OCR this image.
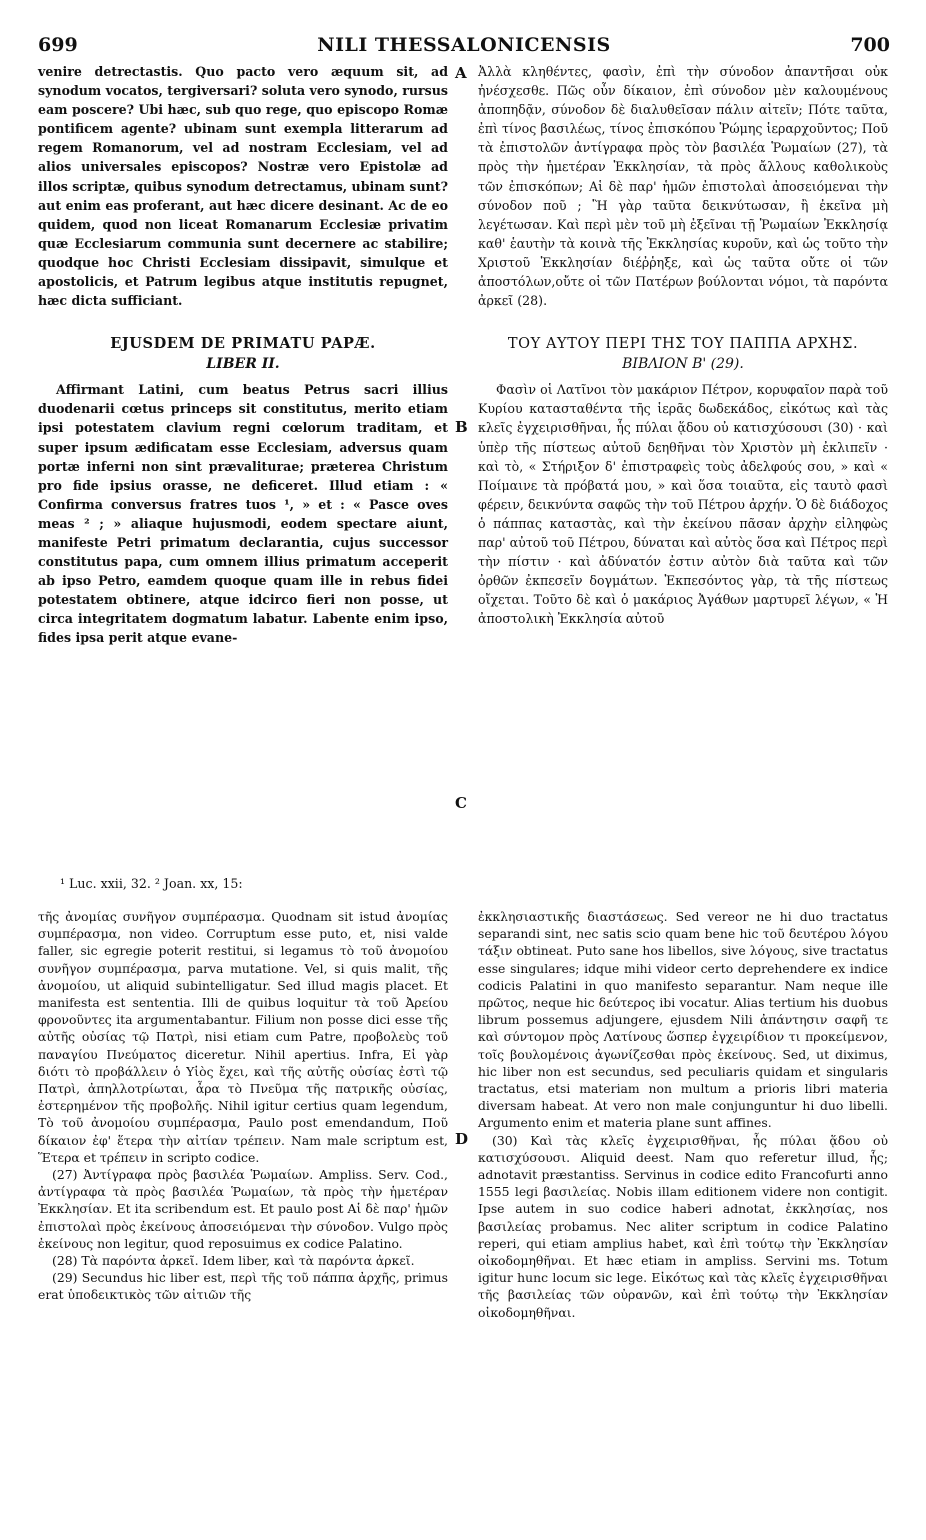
699	NILI THESSALONICENSIS	700
A
B
C
D

venire detrectastis. Quo pacto vero æquum sit, ad synodum vocatos, tergiversari? soluta vero synodo, rursus eam poscere? Ubi hæc, sub quo rege, quo episcopo Romæ pontificem agente? ubinam sunt exempla litterarum ad regem Romanorum, vel ad nostram Ecclesiam, vel ad alios universales episcopos? Nostræ vero Epistolæ ad illos scriptæ, quibus synodum detrectamus, ubinam sunt? aut enim eas proferant, aut hæc dicere desinant. Ac de eo quidem, quod non liceat Romanarum Ecclesiæ privatim quæ Ecclesiarum communia sunt decernere ac stabilire; quodque hoc Christi Ecclesiam dissipavit, simulque et apostolicis, et Patrum legibus atque institutis repugnet, hæc dicta sufficiant.

EJUSDEM DE PRIMATU PAPÆ.

LIBER II.

Affirmant Latini, cum beatus Petrus sacri illius duodenarii cœtus princeps sit constitutus, merito etiam ipsi potestatem clavium regni cœlorum traditam, et super ipsum ædificatam esse Ecclesiam, adversus quam portæ inferni non sint prævaliturae; præterea Christum pro fide ipsius orasse, ne deficeret. Illud etiam : « Confirma conversus fratres tuos ¹, » et : « Pasce oves meas ² ; » aliaque hujusmodi, eodem spectare aiunt, manifeste Petri primatum declarantia, cujus successor constitutus papa, cum omnem illius primatum acceperit ab ipso Petro, eamdem quoque quam ille in rebus fidei potestatem obtinere, atque idcirco fieri non posse, ut circa integritatem dogmatum labatur. Labente enim ipso, fides ipsa perit atque evane-

Ἀλλὰ κληθέντες, φασὶν, ἐπὶ τὴν σύνοδον ἀπαντῆσαι οὐκ ἠνέσχεσθε. Πῶς οὖν δίκαιον, ἐπὶ σύνοδον μὲν καλουμένους ἀποπηδᾷν, σύνοδον δὲ διαλυθεῖσαν πάλιν αἰτεῖν; Πότε ταῦτα, ἐπὶ τίνος βασιλέως, τίνος ἐπισκόπου Ῥώμης ἱεραρχοῦντος; Ποῦ τὰ ἐπιστολῶν ἀντίγραφα πρὸς τὸν βασιλέα Ῥωμαίων (27), τὰ πρὸς τὴν ἡμετέραν Ἐκκλησίαν, τὰ πρὸς ἄλλους καθολικοὺς τῶν ἐπισκόπων; Αἱ δὲ παρ' ἡμῶν ἐπιστολαὶ ἀποσειόμεναι τὴν σύνοδον ποῦ ; Ἢ γὰρ ταῦτα δεικνύτωσαν, ἢ ἐκεῖνα μὴ λεγέτωσαν. Καὶ περὶ μὲν τοῦ μὴ ἐξεῖναι τῇ Ῥωμαίων Ἐκκλησίᾳ καθ' ἑαυτὴν τὰ κοινὰ τῆς Ἐκκλησίας κυροῦν, καὶ ὡς τοῦτο τὴν Χριστοῦ Ἐκκλησίαν διέῤῥηξε, καὶ ὡς ταῦτα οὔτε οἱ τῶν ἀποστόλων,οὔτε οἱ τῶν Πατέρων βούλονται νόμοι, τὰ παρόντα ἀρκεῖ (28).

ΤΟΥ ΑΥΤΟΥ ΠΕΡΙ ΤΗΣ ΤΟΥ ΠΑΠΠΑ ΑΡΧΗΣ.

ΒΙΒΛΙΟΝ Β' (29).

Φασὶν οἱ Λατῖνοι τὸν μακάριον Πέτρον, κορυφαῖον παρὰ τοῦ Κυρίου κατασταθέντα τῆς ἱερᾶς δωδεκάδος, εἰκότως καὶ τὰς κλεῖς ἐγχειρισθῆναι, ἧς πύλαι ᾅδου οὐ κατισχύσουσι (30) · καὶ ὑπὲρ τῆς πίστεως αὐτοῦ δεηθῆναι τὸν Χριστὸν μὴ ἐκλιπεῖν · καὶ τὸ, « Στήριξον δ' ἐπιστραφεὶς τοὺς ἀδελφούς σου, » καὶ « Ποίμαινε τὰ πρόβατά μου, » καὶ ὅσα τοιαῦτα, εἰς ταυτὸ φασὶ φέρειν, δεικνύντα σαφῶς τὴν τοῦ Πέτρου ἀρχήν. Ὁ δὲ διάδοχος ὁ πάππας καταστὰς, καὶ τὴν ἐκείνου πᾶσαν ἀρχὴν εἰληφὼς παρ' αὐτοῦ τοῦ Πέτρου, δύναται καὶ αὐτὸς ὅσα καὶ Πέτρος περὶ τὴν πίστιν · καὶ ἀδύνατόν ἐστιν αὐτὸν διὰ ταῦτα καὶ τῶν ὀρθῶν ἐκπεσεῖν δογμάτων. Ἐκπεσόντος γὰρ, τὰ τῆς πίστεως οἴχεται. Τοῦτο δὲ καὶ ὁ μακάριος Ἀγάθων μαρτυρεῖ λέγων, « Ἡ ἀποστολικὴ Ἐκκλησία αὐτοῦ

¹ Luc. xxii, 32. ² Joan. xx, 15:

τῆς ἀνομίας συνῆγον συμπέρασμα. Quodnam sit istud ἀνομίας συμπέρασμα, non video. Corruptum esse puto, et, nisi valde faller, sic egregie poterit restitui, si legamus τὸ τοῦ ἀνομοίου συνῆγον συμπέρασμα, parva mutatione. Vel, si quis malit, τῆς ἀνομοίου, ut aliquid subintelligatur. Sed illud magis placet. Et manifesta est sententia. Illi de quibus loquitur τὰ τοῦ Ἀρείου φρονοῦντες ita argumentabantur. Filium non posse dici esse τῆς αὐτῆς οὐσίας τῷ Πατρὶ, nisi etiam cum Patre, προβολεὺς τοῦ παναγίου Πνεύματος diceretur. Nihil apertius. Infra, Εἰ γὰρ διότι τὸ προβάλλειν ὁ Υἱὸς ἔχει, καὶ τῆς αὐτῆς οὐσίας ἐστὶ τῷ Πατρὶ, ἀπηλλοτρίωται, ἆρα τὸ Πνεῦμα τῆς πατρικῆς οὐσίας, ἐστερημένον τῆς προβολῆς. Nihil igitur certius quam legendum, Τὸ τοῦ ἀνομοίου συμπέρασμα, Paulo post emendandum, Ποῦ δίκαιον ἐφ' ἕτερα τὴν αἰτίαν τρέπειν. Nam male scriptum est, Ἕτερα et τρέπειν in scripto codice.

(27) Ἀντίγραφα πρὸς βασιλέα Ῥωμαίων. Ampliss. Serv. Cod., ἀντίγραφα τὰ πρὸς βασιλέα Ῥωμαίων, τὰ πρὸς τὴν ἡμετέραν Ἐκκλησίαν. Et ita scribendum est. Et paulo post Αἱ δὲ παρ' ἡμῶν ἐπιστολαὶ πρὸς ἐκείνους ἀποσειόμεναι τὴν σύνοδον. Vulgo πρὸς ἐκείνους non legitur, quod reposuimus ex codice Palatino.

(28) Τὰ παρόντα ἀρκεῖ. Idem liber, καὶ τὰ παρόντα ἀρκεῖ.

(29) Secundus hic liber est, περὶ τῆς τοῦ πάππα ἀρχῆς, primus erat ὑποδεικτικὸς τῶν αἰτιῶν τῆς

ἐκκλησιαστικῆς διαστάσεως. Sed vereor ne hi duo tractatus separandi sint, nec satis scio quam bene hic τοῦ δευτέρου λόγου τάξιν obtineat. Puto sane hos libellos, sive λόγους, sive tractatus esse singulares; idque mihi videor certo deprehendere ex indice codicis Palatini in quo manifesto separantur. Nam neque ille πρῶτος, neque hic δεύτερος ibi vocatur. Alias tertium his duobus librum possemus adjungere, ejusdem Nili ἀπάντησιν σαφῆ τε καὶ σύντομον πρὸς Λατίνους ὥσπερ ἐγχειρίδιον τι προκείμενον, τοῖς βουλομένοις ἀγωνίζεσθαι πρὸς ἐκείνους. Sed, ut diximus, hic liber non est secundus, sed peculiaris quidam et singularis tractatus, etsi materiam non multum a prioris libri materia diversam habeat. At vero non male conjunguntur hi duo libelli. Argumento enim et materia plane sunt affines.

(30) Καὶ τὰς κλεῖς ἐγχειρισθῆναι, ἧς πύλαι ᾅδου οὐ κατισχύσουσι. Aliquid deest. Nam quo referetur illud, ἧς; adnotavit præstantiss. Servinus in codice edito Francofurti anno 1555 legi βασιλείας. Nobis illam editionem videre non contigit. Ipse autem in suo codice haberi adnotat, ἐκκλησίας, nos βασιλείας probamus. Nec aliter scriptum in codice Palatino reperi, qui etiam amplius habet, καὶ ἐπὶ τούτῳ τὴν Ἐκκλησίαν οἰκοδομηθῆναι. Et hæc etiam in ampliss. Servini ms. Totum igitur hunc locum sic lege. Εἰκότως καὶ τὰς κλεῖς ἐγχειρισθῆναι τῆς βασιλείας τῶν οὐρανῶν, καὶ ἐπὶ τούτῳ τὴν Ἐκκλησίαν οἰκοδομηθῆναι.
